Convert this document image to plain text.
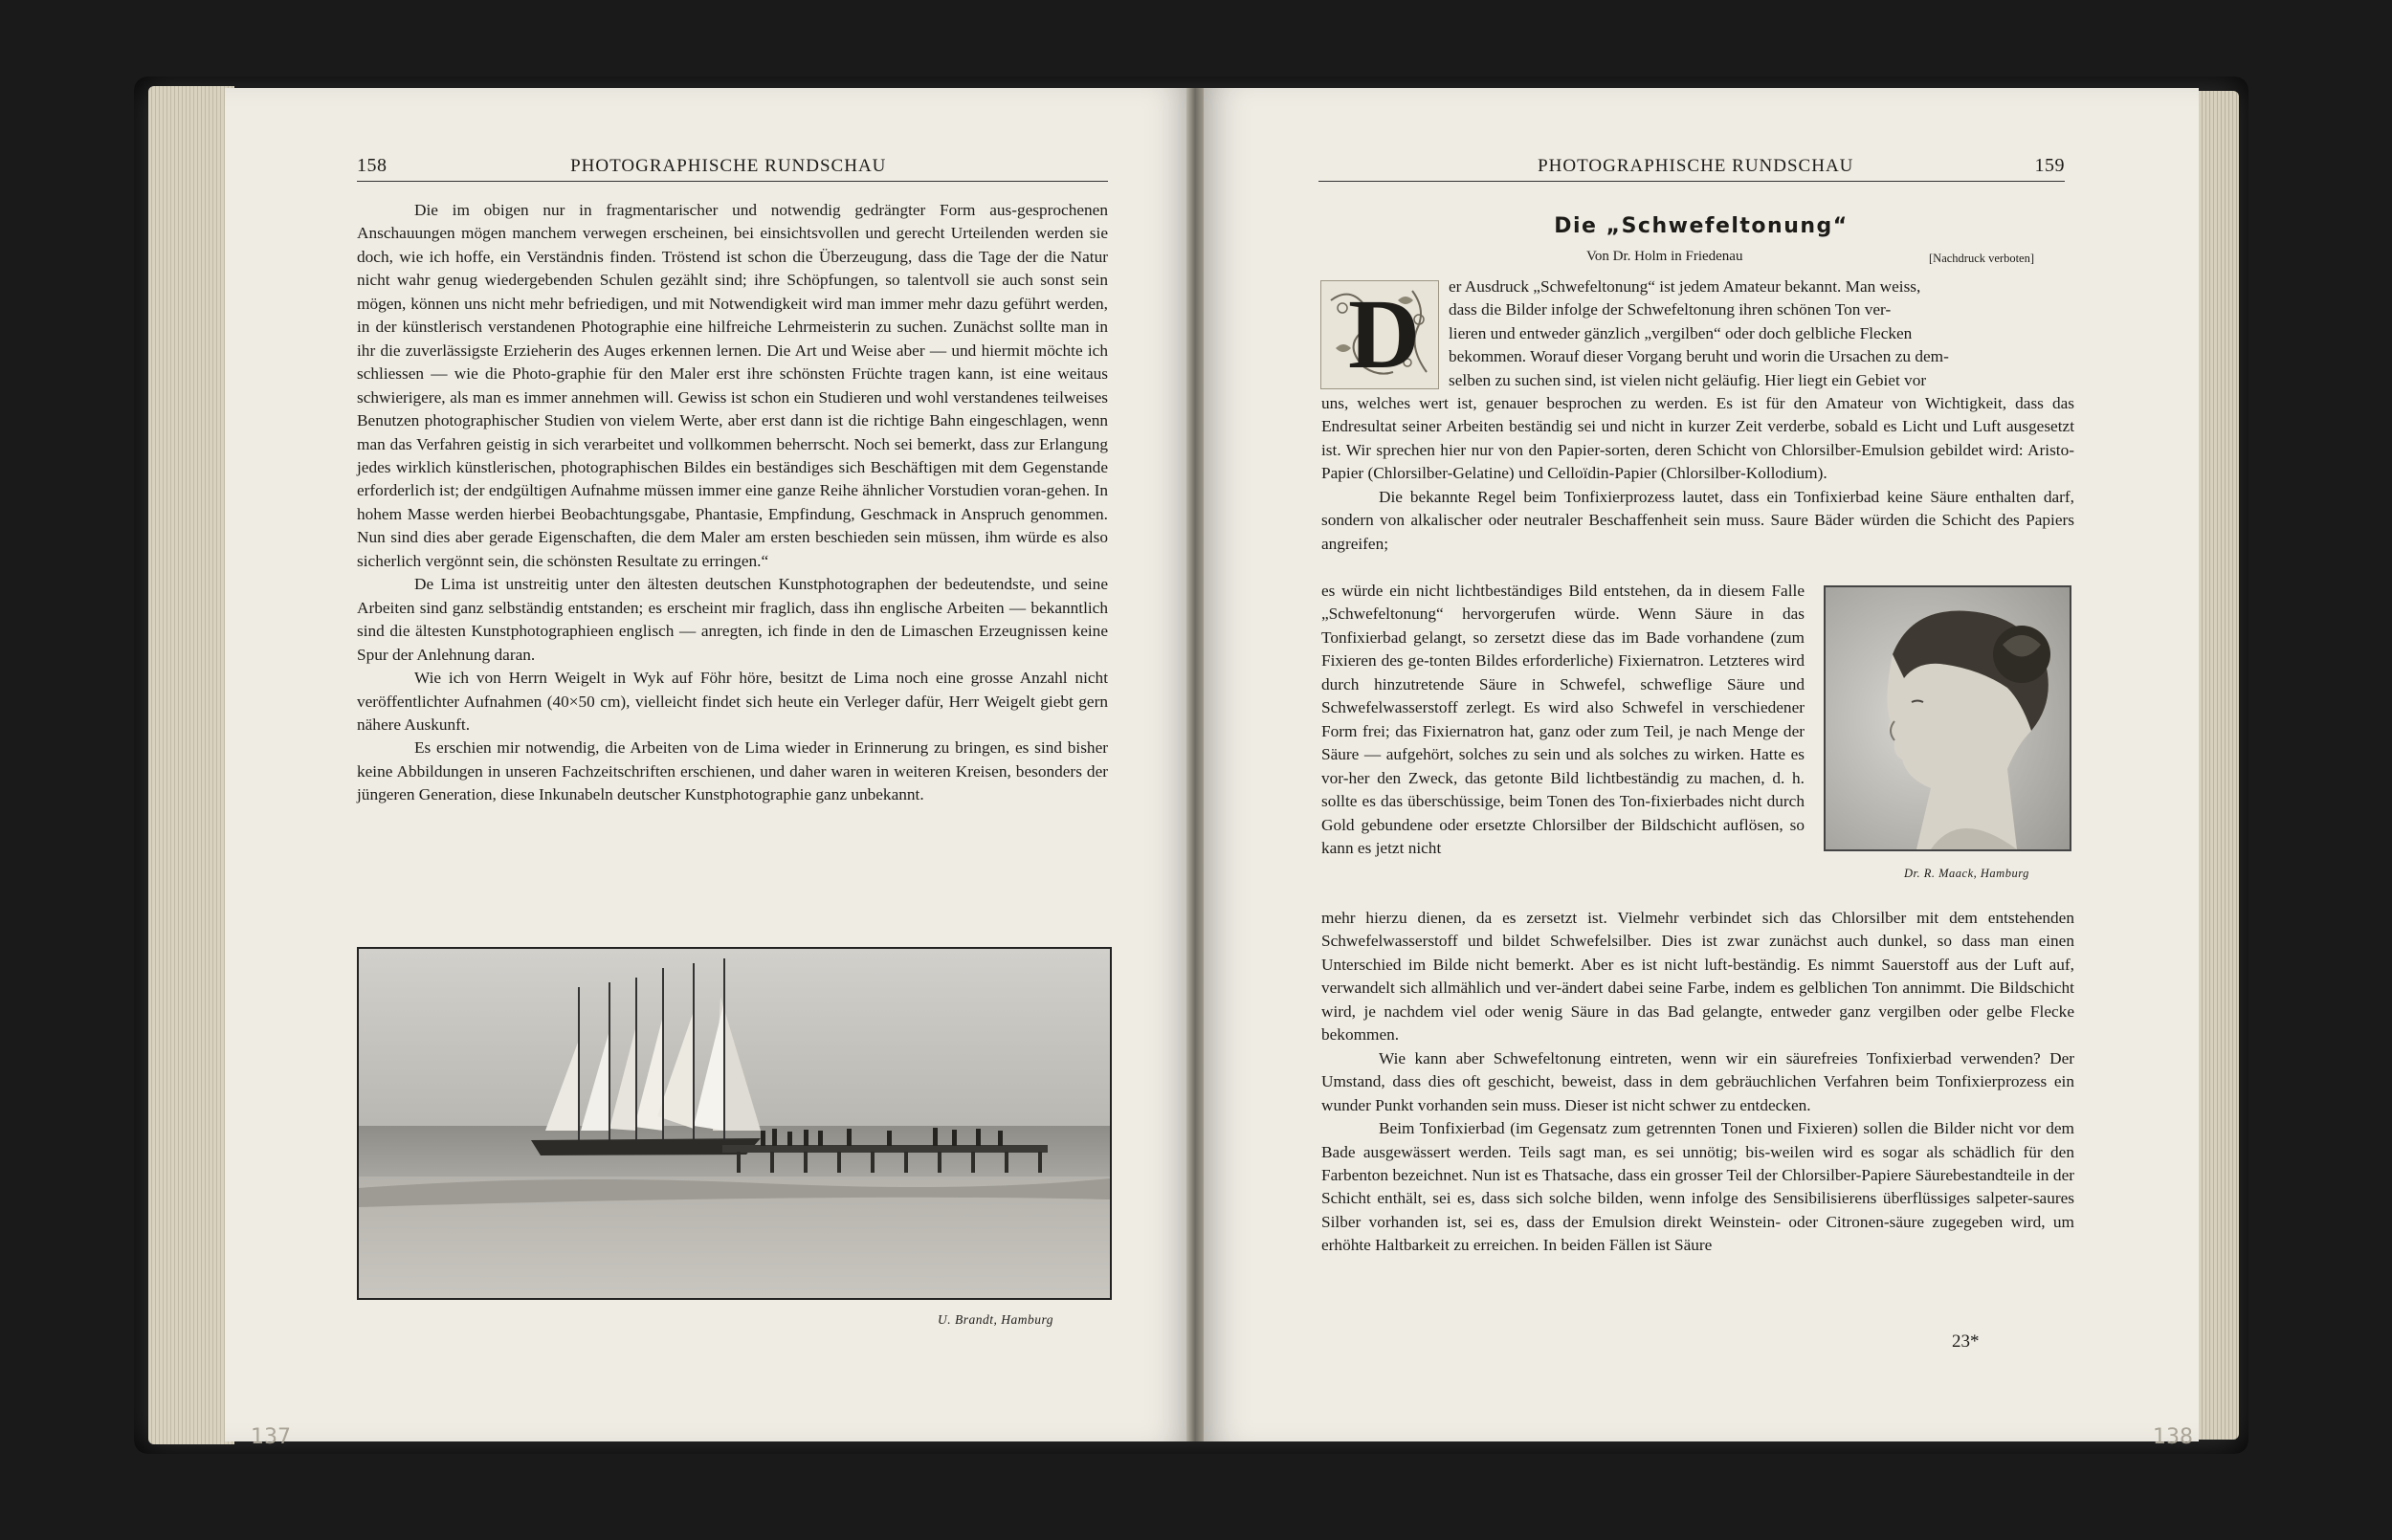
158	PHOTOGRAPHISCHE RUNDSCHAU

Die im obigen nur in fragmentarischer und notwendig gedrängter Form aus-gesprochenen Anschauungen mögen manchem verwegen erscheinen, bei einsichtsvollen und gerecht Urteilenden werden sie doch, wie ich hoffe, ein Verständnis finden. Tröstend ist schon die Überzeugung, dass die Tage der die Natur nicht wahr genug wiedergebenden Schulen gezählt sind; ihre Schöpfungen, so talentvoll sie auch sonst sein mögen, können uns nicht mehr befriedigen, und mit Notwendigkeit wird man immer mehr dazu geführt werden, in der künstlerisch verstandenen Photographie eine hilfreiche Lehrmeisterin zu suchen. Zunächst sollte man in ihr die zuverlässigste Erzieherin des Auges erkennen lernen. Die Art und Weise aber — und hiermit möchte ich schliessen — wie die Photo-graphie für den Maler erst ihre schönsten Früchte tragen kann, ist eine weitaus schwierigere, als man es immer annehmen will. Gewiss ist schon ein Studieren und wohl verstandenes teilweises Benutzen photographischer Studien von vielem Werte, aber erst dann ist die richtige Bahn eingeschlagen, wenn man das Verfahren geistig in sich verarbeitet und vollkommen beherrscht. Noch sei bemerkt, dass zur Erlangung jedes wirklich künstlerischen, photographischen Bildes ein beständiges sich Beschäftigen mit dem Gegenstande erforderlich ist; der endgültigen Aufnahme müssen immer eine ganze Reihe ähnlicher Vorstudien voran-gehen. In hohem Masse werden hierbei Beobachtungsgabe, Phantasie, Empfindung, Geschmack in Anspruch genommen. Nun sind dies aber gerade Eigenschaften, die dem Maler am ersten beschieden sein müssen, ihm würde es also sicherlich vergönnt sein, die schönsten Resultate zu erringen.“

De Lima ist unstreitig unter den ältesten deutschen Kunstphotographen der bedeutendste, und seine Arbeiten sind ganz selbständig entstanden; es erscheint mir fraglich, dass ihn englische Arbeiten — bekanntlich sind die ältesten Kunstphotographieen englisch — anregten, ich finde in den de Limaschen Erzeugnissen keine Spur der Anlehnung daran.

Wie ich von Herrn Weigelt in Wyk auf Föhr höre, besitzt de Lima noch eine grosse Anzahl nicht veröffentlichter Aufnahmen (40×50 cm), vielleicht findet sich heute ein Verleger dafür, Herr Weigelt giebt gern nähere Auskunft.

Es erschien mir notwendig, die Arbeiten von de Lima wieder in Erinnerung zu bringen, es sind bisher keine Abbildungen in unseren Fachzeitschriften erschienen, und daher waren in weiteren Kreisen, besonders der jüngeren Generation, diese Inkunabeln deutscher Kunstphotographie ganz unbekannt.

U. Brandt, Hamburg
137
PHOTOGRAPHISCHE RUNDSCHAU	159
Die „Schwefeltonung“
Von Dr. Holm in Friedenau	[Nachdruck verboten]
D er Ausdruck „Schwefeltonung“ ist jedem Amateur bekannt. Man weiss,
dass die Bilder infolge der Schwefeltonung ihren schönen Ton ver-
lieren und entweder gänzlich „vergilben“ oder doch gelbliche Flecken
bekommen. Worauf dieser Vorgang beruht und worin die Ursachen zu dem-
selben zu suchen sind, ist vielen nicht geläufig. Hier liegt ein Gebiet vor

uns, welches wert ist, genauer besprochen zu werden. Es ist für den Amateur von Wichtigkeit, dass das Endresultat seiner Arbeiten beständig sei und nicht in kurzer Zeit verderbe, sobald es Licht und Luft ausgesetzt ist. Wir sprechen hier nur von den Papier-sorten, deren Schicht von Chlorsilber-Emulsion gebildet wird: Aristo-Papier (Chlorsilber-Gelatine) und Celloïdin-Papier (Chlorsilber-Kollodium).

Die bekannte Regel beim Tonfixierprozess lautet, dass ein Tonfixierbad keine Säure enthalten darf, sondern von alkalischer oder neutraler Beschaffenheit sein muss. Saure Bäder würden die Schicht des Papiers angreifen;

es würde ein nicht lichtbeständiges Bild entstehen, da in diesem Falle „Schwefeltonung“ hervorgerufen würde. Wenn Säure in das Tonfixierbad gelangt, so zersetzt diese das im Bade vorhandene (zum Fixieren des ge-tonten Bildes erforderliche) Fixiernatron. Letzteres wird durch hinzutretende Säure in Schwefel, schweflige Säure und Schwefelwasserstoff zerlegt. Es wird also Schwefel in verschiedener Form frei; das Fixiernatron hat, ganz oder zum Teil, je nach Menge der Säure — aufgehört, solches zu sein und als solches zu wirken. Hatte es vor-her den Zweck, das getonte Bild lichtbeständig zu machen, d. h. sollte es das überschüssige, beim Tonen des Ton-fixierbades nicht durch Gold gebundene oder ersetzte Chlorsilber der Bildschicht auflösen, so kann es jetzt nicht

Dr. R. Maack, Hamburg

mehr hierzu dienen, da es zersetzt ist. Vielmehr verbindet sich das Chlorsilber mit dem entstehenden Schwefelwasserstoff und bildet Schwefelsilber. Dies ist zwar zunächst auch dunkel, so dass man einen Unterschied im Bilde nicht bemerkt. Aber es ist nicht luft-beständig. Es nimmt Sauerstoff aus der Luft auf, verwandelt sich allmählich und ver-ändert dabei seine Farbe, indem es gelblichen Ton annimmt. Die Bildschicht wird, je nachdem viel oder wenig Säure in das Bad gelangte, entweder ganz vergilben oder gelbe Flecke bekommen.

Wie kann aber Schwefeltonung eintreten, wenn wir ein säurefreies Tonfixierbad verwenden? Der Umstand, dass dies oft geschicht, beweist, dass in dem gebräuchlichen Verfahren beim Tonfixierprozess ein wunder Punkt vorhanden sein muss. Dieser ist nicht schwer zu entdecken.

Beim Tonfixierbad (im Gegensatz zum getrennten Tonen und Fixieren) sollen die Bilder nicht vor dem Bade ausgewässert werden. Teils sagt man, es sei unnötig; bis-weilen wird es sogar als schädlich für den Farbenton bezeichnet. Nun ist es Thatsache, dass ein grosser Teil der Chlorsilber-Papiere Säurebestandteile in der Schicht enthält, sei es, dass sich solche bilden, wenn infolge des Sensibilisierens überflüssiges salpeter-saures Silber vorhanden ist, sei es, dass der Emulsion direkt Weinstein- oder Citronen-säure zugegeben wird, um erhöhte Haltbarkeit zu erreichen. In beiden Fällen ist Säure

23*
138
